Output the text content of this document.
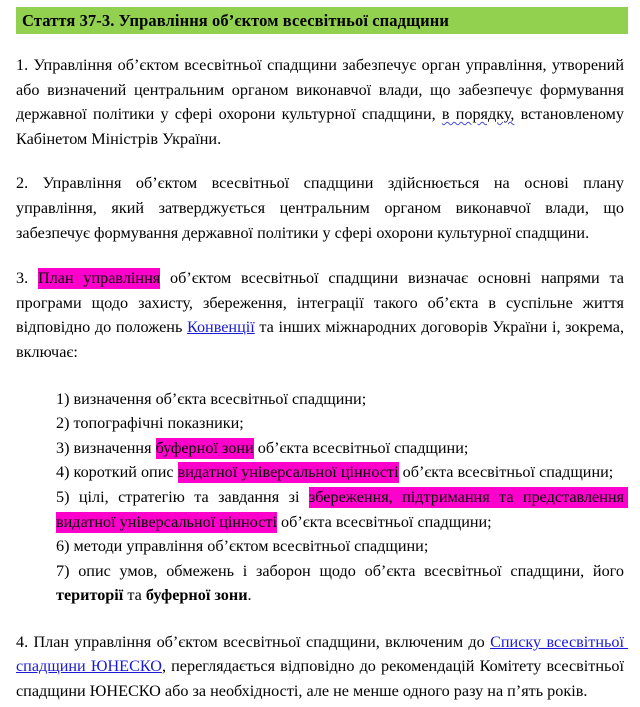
Стаття 37-3. Управління об’єктом всесвітньої спадщини

1. Управління об’єктом всесвітньої спадщини забезпечує орган управління, утворений або визначений центральним органом виконавчої влади, що забезпечує формування державної політики у сфері охорони культурної спадщини, в порядку, встановленому Кабінетом Міністрів України.

2. Управління об’єктом всесвітньої спадщини здійснюється на основі плану управління, який затверджується центральним органом виконавчої влади, що забезпечує формування державної політики у сфері охорони культурної спадщини.

3. План управління об’єктом всесвітньої спадщини визначає основні напрями та програми щодо захисту, збереження, інтеграції такого об’єкта в суспільне життя відповідно до положень Конвенції та інших міжнародних договорів України і, зокрема, включає:

1) визначення об’єкта всесвітньої спадщини;

2) топографічні показники;

3) визначення буферної зони об’єкта всесвітньої спадщини;

4) короткий опис видатної універсальної цінності об’єкта всесвітньої спадщини;

5) цілі, стратегію та завдання зі збереження, підтримання та представлення видатної універсальної цінності об’єкта всесвітньої спадщини;

6) методи управління об’єктом всесвітньої спадщини;

7) опис умов, обмежень і заборон щодо об’єкта всесвітньої спадщини, його території та буферної зони.

4. План управління об’єктом всесвітньої спадщини, включеним до Списку всесвітньої спадщини ЮНЕСКО, переглядається відповідно до рекомендацій Комітету всесвітньої спадщини ЮНЕСКО або за необхідності, але не менше одного разу на п’ять років.
